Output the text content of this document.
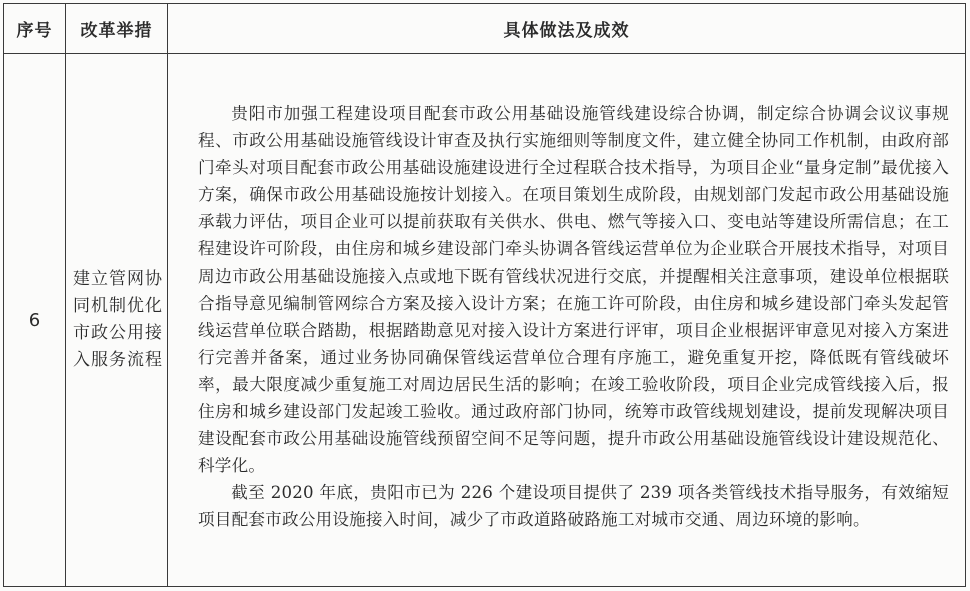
序号	改革举措	具体做法及成效
6	建立管网协同机制优化市政公用接入服务流程	贵阳市加强工程建设项目配套市政公用基础设施管线建设综合协调，制定综合协调会议议事规程、市政公用基础设施管线设计审查及执行实施细则等制度文件，建立健全协同工作机制，由政府部门牵头对项目配套市政公用基础设施建设进行全过程联合技术指导，为项目企业“量身定制”最优接入方案，确保市政公用基础设施按计划接入。在项目策划生成阶段，由规划部门发起市政公用基础设施承载力评估，项目企业可以提前获取有关供水、供电、燃气等接入口、变电站等建设所需信息；在工程建设许可阶段，由住房和城乡建设部门牵头协调各管线运营单位为企业联合开展技术指导，对项目周边市政公用基础设施接入点或地下既有管线状况进行交底，并提醒相关注意事项，建设单位根据联合指导意见编制管网综合方案及接入设计方案；在施工许可阶段，由住房和城乡建设部门牵头发起管线运营单位联合踏勘，根据踏勘意见对接入设计方案进行评审，项目企业根据评审意见对接入方案进行完善并备案，通过业务协同确保管线运营单位合理有序施工，避免重复开挖，降低既有管线破坏率，最大限度减少重复施工对周边居民生活的影响；在竣工验收阶段，项目企业完成管线接入后，报住房和城乡建设部门发起竣工验收。通过政府部门协同，统筹市政管线规划建设，提前发现解决项目建设配套市政公用基础设施管线预留空间不足等问题，提升市政公用基础设施管线设计建设规范化、科学化。

截至 2020 年底，贵阳市已为 226 个建设项目提供了 239 项各类管线技术指导服务，有效缩短项目配套市政公用设施接入时间，减少了市政道路破路施工对城市交通、周边环境的影响。
